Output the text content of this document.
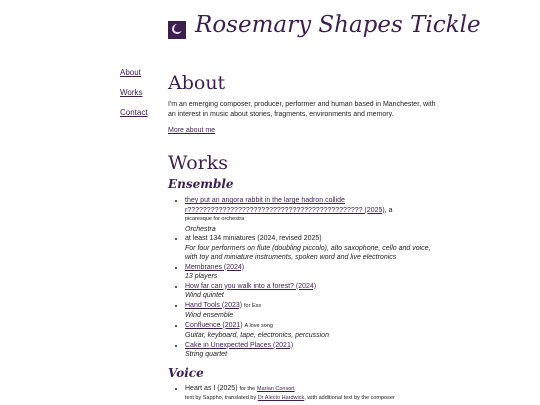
Rosemary Shapes Tickle
About
Works
Contact
About

I'm an emerging composer, producer, performer and human based in Manchester, with an interest in music about stories, fragments, environments and memory.

More about me

Works
Ensemble
• they put an angora rabbit in the large hadron collider????????????????????????????????????????????? (2025), a
picaresque for orchestra
Orchestra
• at least 134 miniatures (2024, revised 2025)
For four performers on flute (doubling piccolo), alto saxophone, cello and voice, with toy and miniature instruments, spoken word and live electronics
• Membranes (2024)
13 players
• How far can you walk into a forest? (2024)
Wind quintet
• Hand Tools (2023) for Ess
Wind ensemble
• Confluence (2021) A love song
Guitar, keyboard, tape, electronics, percussion
• Cake in Unexpected Places (2021)
String quartet
Voice
• Heart as I (2025) for the Marian Consort
text by Sappho, translated by Dr Alecto Hardwick, with additional text by the composer
